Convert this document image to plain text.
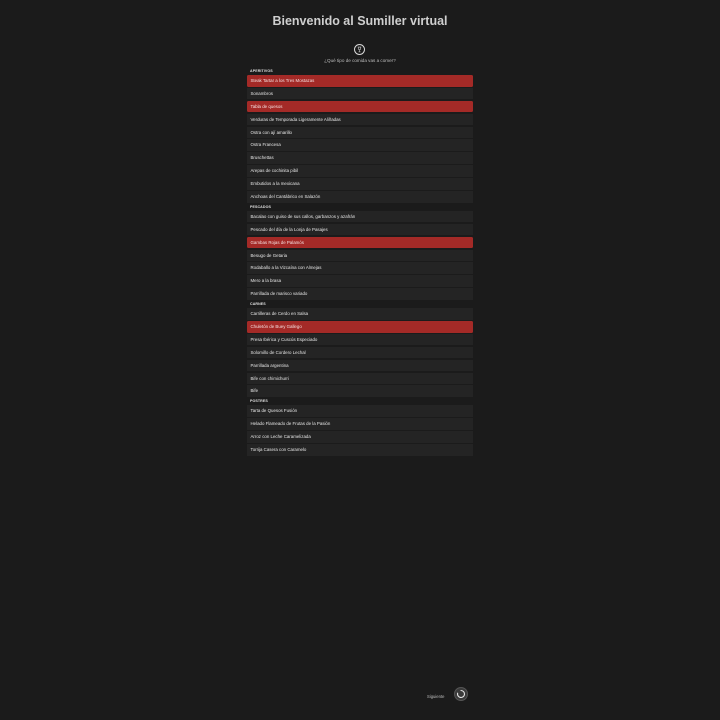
Bienvenido al Sumiller virtual
¿Qué tipo de comida vas a comer?
APERITIVOS
Steak Tartar a los Tres Mostazas
Sonambros
Tabla de quesos
Verduras de Temporada Ligeramente Aliñadas
Ostra con ají amarillo
Ostra Francesa
Bruschettas
Arepas de cochinita pibil
Embutidos a la mexicana
Anchoas del Cantábrico en Salazón
PESCADOS
Bacalao con guiso de sus callos, garbanzos y azafrán
Pescado del día de la Lonja de Pasajes
Gambas Rojas de Palamós
Besugo de Getaria
Rodaballo a la Vizcaína con Almejas
Mero a la brasa
Parrillada de marisco variado
CARNES
Carrilleras de Cerdo en Salsa
Chuletón de Buey Gallego
Presa Ibérica y Cuscús Especiado
Solomillo de Cordero Lechal
Parrillada argentina
Bife con chimichurri
Bife
POSTRES
Tarta de Quesos Fusión
Helado Flameado de Frutas de la Pasión
Arroz con Leche Caramelizada
Torrija Casera con Caramelo
Siguiente
